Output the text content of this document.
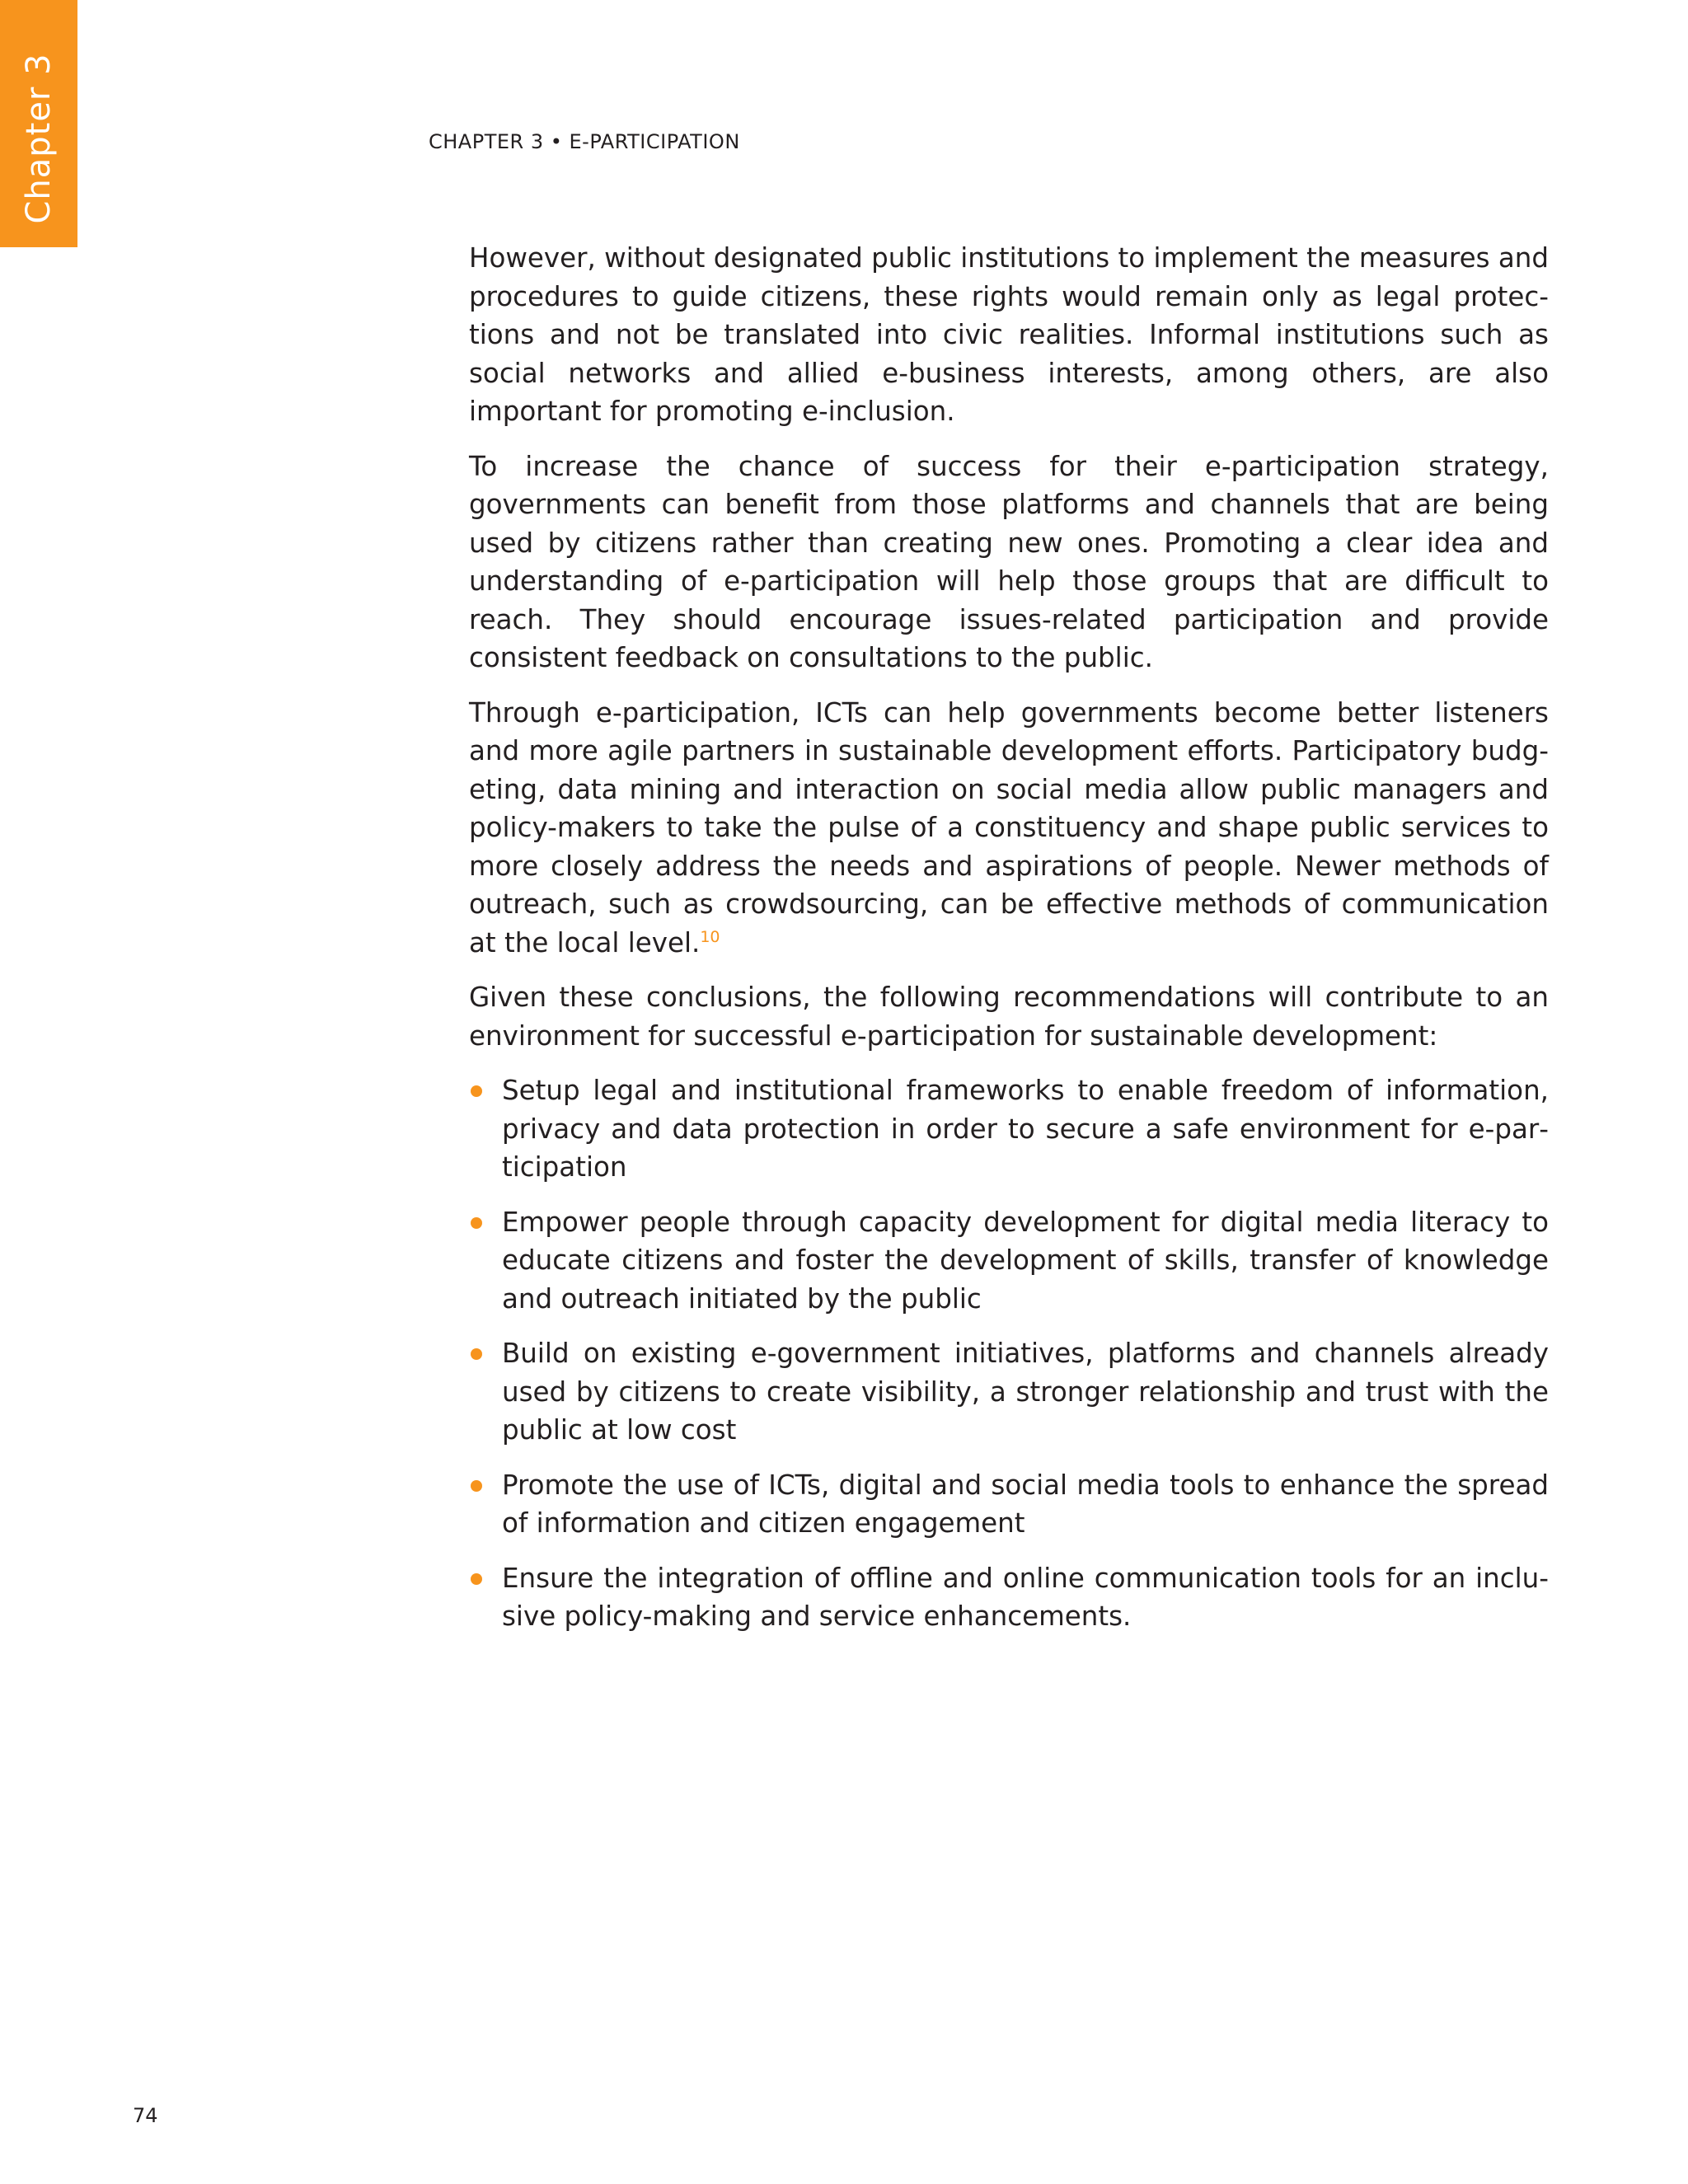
Chapter 3	CHAPTER 3 • E-PARTICIPATION

However, without designated public institutions to implement the measures and procedures to guide citizens, these rights would remain only as legal protections and not be translated into civic realities. Informal institutions such as social networks and allied e-business interests, among others, are also important for promoting e-inclusion.

To increase the chance of success for their e-participation strategy, governments can benefit from those platforms and channels that are being used by citizens rather than creating new ones. Promoting a clear idea and understanding of e-participation will help those groups that are difficult to reach. They should encourage issues-related participation and provide consistent feedback on consultations to the public.

Through e-participation, ICTs can help governments become better listeners and more agile partners in sustainable development efforts. Participatory budgeting, data mining and interaction on social media allow public managers and policy-makers to take the pulse of a constituency and shape public services to more closely address the needs and aspirations of people. Newer methods of outreach, such as crowdsourcing, can be effective methods of communication at the local level.$^{10}$

Given these conclusions, the following recommendations will contribute to an environment for successful e-participation for sustainable development:

Setup legal and institutional frameworks to enable freedom of information, privacy and data protection in order to secure a safe environment for e-participation
Empower people through capacity development for digital media literacy to educate citizens and foster the development of skills, transfer of knowledge and outreach initiated by the public
Build on existing e-government initiatives, platforms and channels already used by citizens to create visibility, a stronger relationship and trust with the public at low cost
Promote the use of ICTs, digital and social media tools to enhance the spread of information and citizen engagement
Ensure the integration of offline and online communication tools for an inclusive policy-making and service enhancements.
74
